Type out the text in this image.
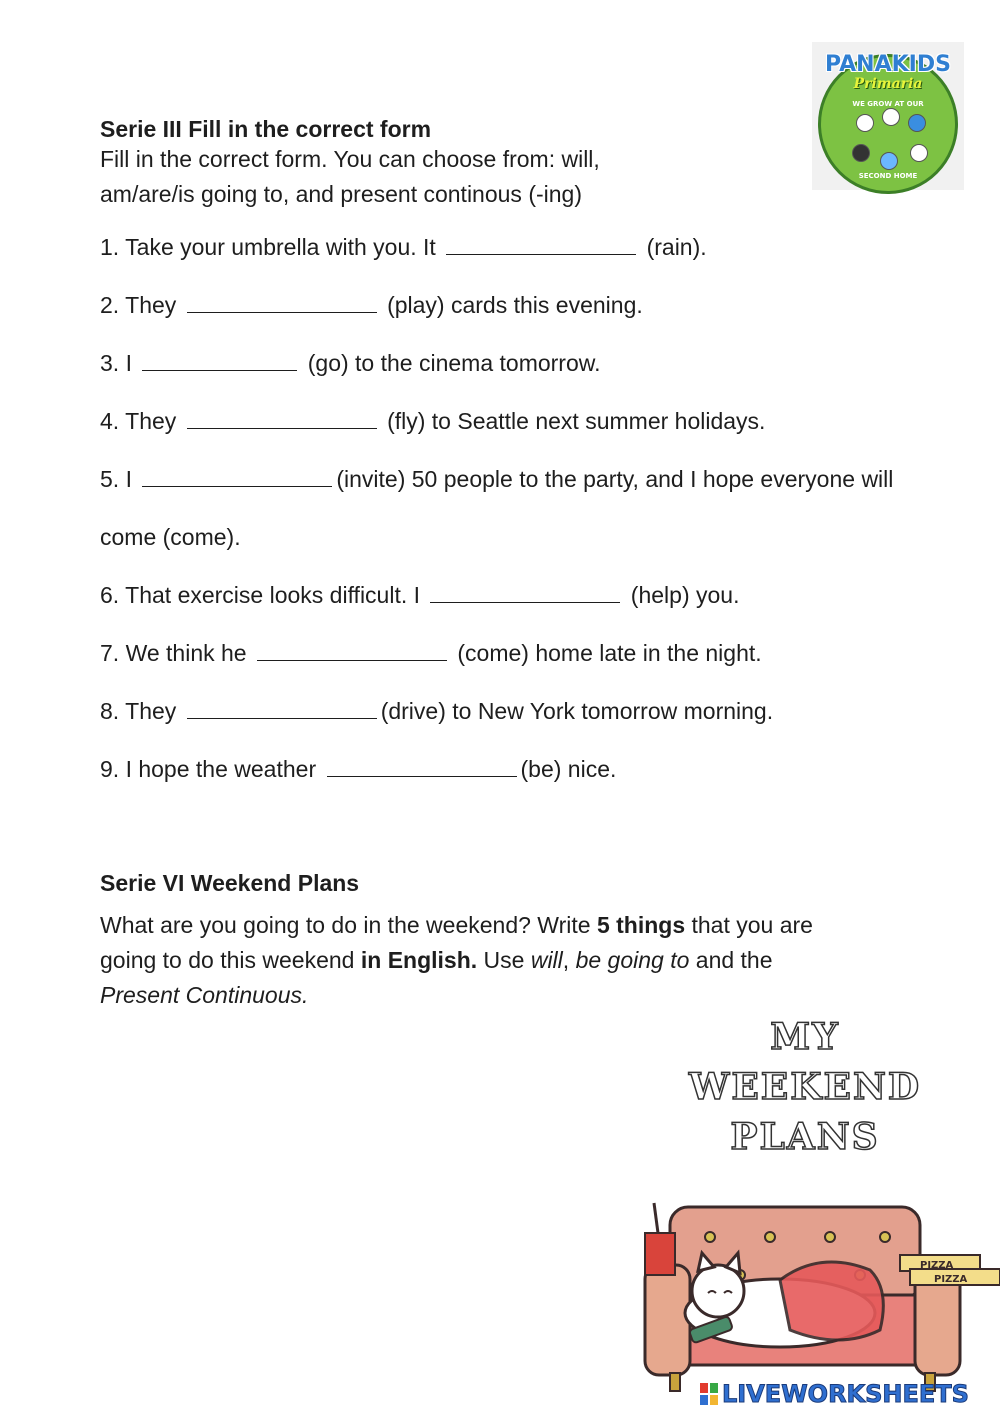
PANAKIDS
Primaria
WE GROW AT OUR
SECOND HOME
Serie III Fill in the correct form
Fill in the correct form. You can choose from: will,
am/are/is going to, and present continous (-ing)
1. Take your umbrella with you. It	(rain).
2. They	(play) cards this evening.
3. I	(go) to the cinema tomorrow.
4. They	(fly) to Seattle next summer holidays.
5. I	(invite) 50 people to the party, and I hope everyone will
come (come).
6. That exercise looks difficult. I	(help) you.
7. We think he	(come) home late in the night.
8. They	(drive) to New York tomorrow morning.
9. I hope the weather	(be) nice.
Serie VI Weekend Plans
What are you going to do in the weekend? Write 5 things that you are
going to do this weekend in English. Use will, be going to and the
Present Continuous.
MY
WEEKEND
PLANS
PIZZA
PIZZA
LIVEWORKSHEETS
